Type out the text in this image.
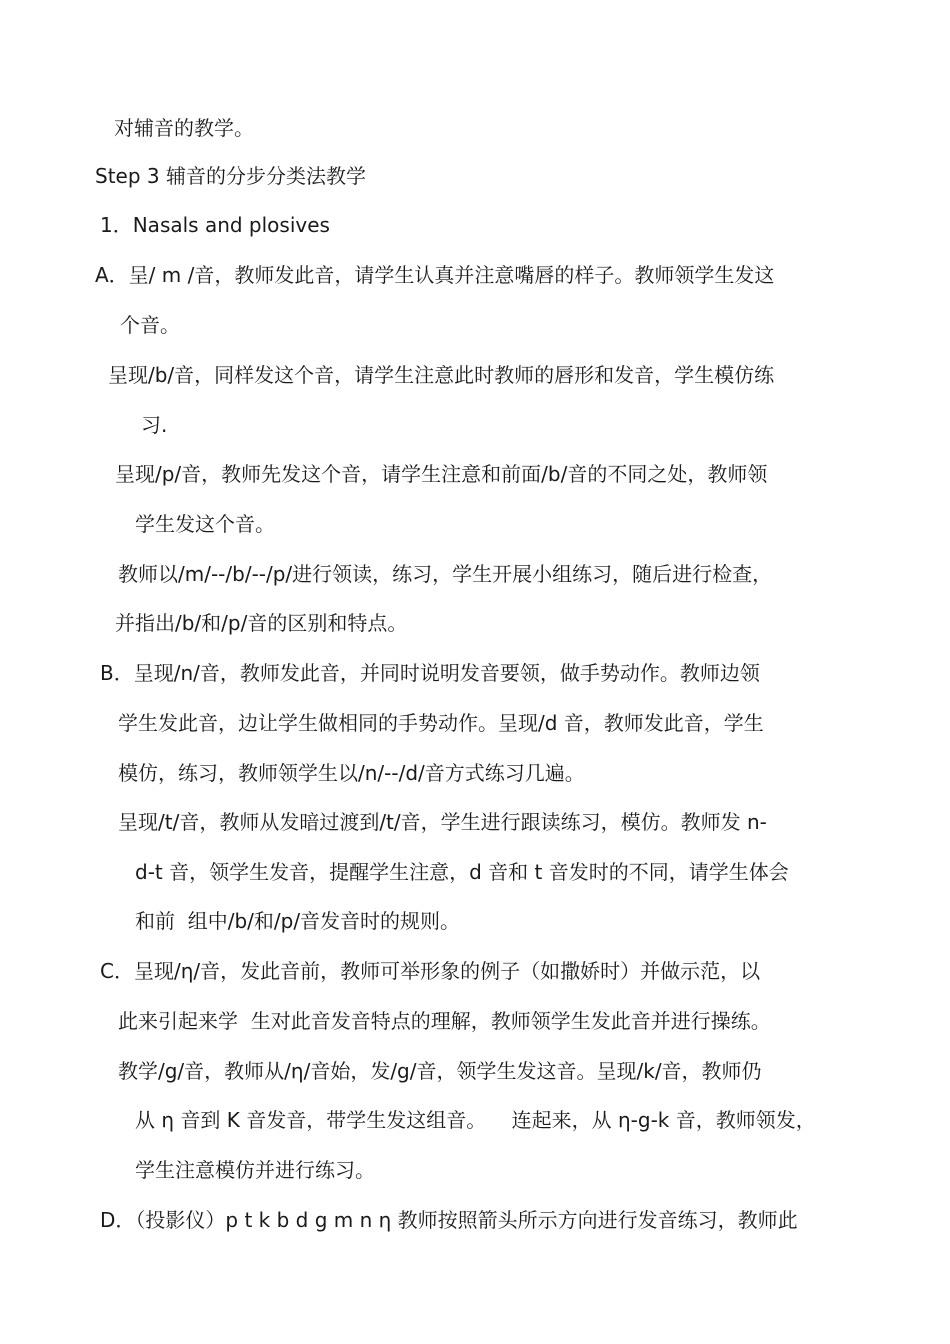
对辅音的教学。
Step 3 辅音的分步分类法教学
1．Nasals and plosives
A．呈/ m /音，教师发此音，请学生认真并注意嘴唇的样子。教师领学生发这
个音。
呈现/b/音，同样发这个音，请学生注意此时教师的唇形和发音，学生模仿练
习.
呈现/p/音，教师先发这个音，请学生注意和前面/b/音的不同之处，教师领
学生发这个音。
教师以/m/--/b/--/p/进行领读，练习，学生开展小组练习，随后进行检查，
并指出/b/和/p/音的区别和特点。
B．呈现/n/音，教师发此音，并同时说明发音要领，做手势动作。教师边领
学生发此音，边让学生做相同的手势动作。呈现/d 音，教师发此音，学生
模仿，练习，教师领学生以/n/--/d/音方式练习几遍。
呈现/t/音，教师从发暗过渡到/t/音，学生进行跟读练习，模仿。教师发 n-
d-t 音，领学生发音，提醒学生注意，d 音和 t 音发时的不同，请学生体会
和前  组中/b/和/p/音发音时的规则。
C．呈现/η/音，发此音前，教师可举形象的例子（如撒娇时）并做示范，以
此来引起来学  生对此音发音特点的理解，教师领学生发此音并进行操练。
教学/g/音，教师从/η/音始，发/g/音，领学生发这音。呈现/k/音，教师仍
从 η 音到 K 音发音，带学生发这组音。    连起来，从 η-g-k 音，教师领发，
学生注意模仿并进行练习。
D．（投影仪）p t k b d g m n η 教师按照箭头所示方向进行发音练习，教师此
